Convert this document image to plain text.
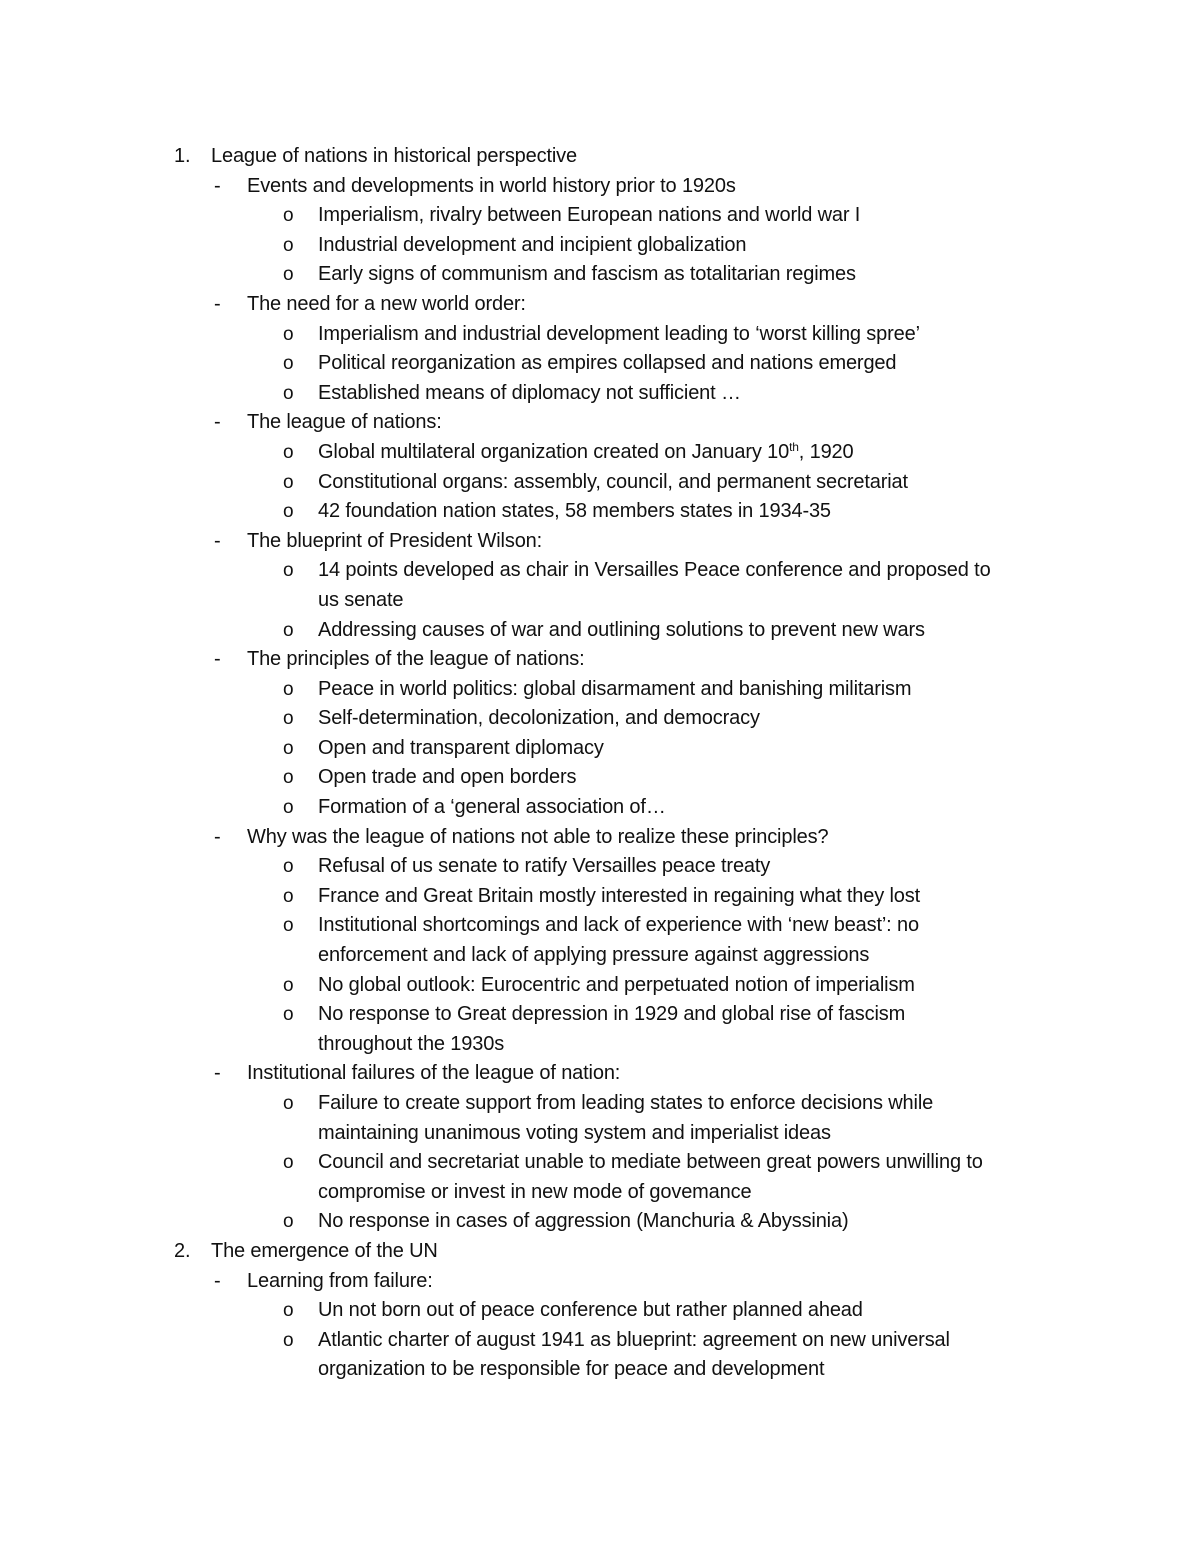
1. League of nations in historical perspective
- Events and developments in world history prior to 1920s
o Imperialism, rivalry between European nations and world war I
o Industrial development and incipient globalization
o Early signs of communism and fascism as totalitarian regimes
- The need for a new world order:
o Imperialism and industrial development leading to ‘worst killing spree’
o Political reorganization as empires collapsed and nations emerged
o Established means of diplomacy not sufficient …
- The league of nations:
o Global multilateral organization created on January 10th, 1920
o Constitutional organs: assembly, council, and permanent secretariat
o 42 foundation nation states, 58 members states in 1934-35
- The blueprint of President Wilson:
o 14 points developed as chair in Versailles Peace conference and proposed to
us senate
o Addressing causes of war and outlining solutions to prevent new wars
- The principles of the league of nations:
o Peace in world politics: global disarmament and banishing militarism
o Self-determination, decolonization, and democracy
o Open and transparent diplomacy
o Open trade and open borders
o Formation of a ‘general association of…
- Why was the league of nations not able to realize these principles?
o Refusal of us senate to ratify Versailles peace treaty
o France and Great Britain mostly interested in regaining what they lost
o Institutional shortcomings and lack of experience with ‘new beast’: no
enforcement and lack of applying pressure against aggressions
o No global outlook: Eurocentric and perpetuated notion of imperialism
o No response to Great depression in 1929 and global rise of fascism
throughout the 1930s
- Institutional failures of the league of nation:
o Failure to create support from leading states to enforce decisions while
maintaining unanimous voting system and imperialist ideas
o Council and secretariat unable to mediate between great powers unwilling to
compromise or invest in new mode of govemance
o No response in cases of aggression (Manchuria & Abyssinia)
2. The emergence of the UN
- Learning from failure:
o Un not born out of peace conference but rather planned ahead
o Atlantic charter of august 1941 as blueprint: agreement on new universal
organization to be responsible for peace and development
